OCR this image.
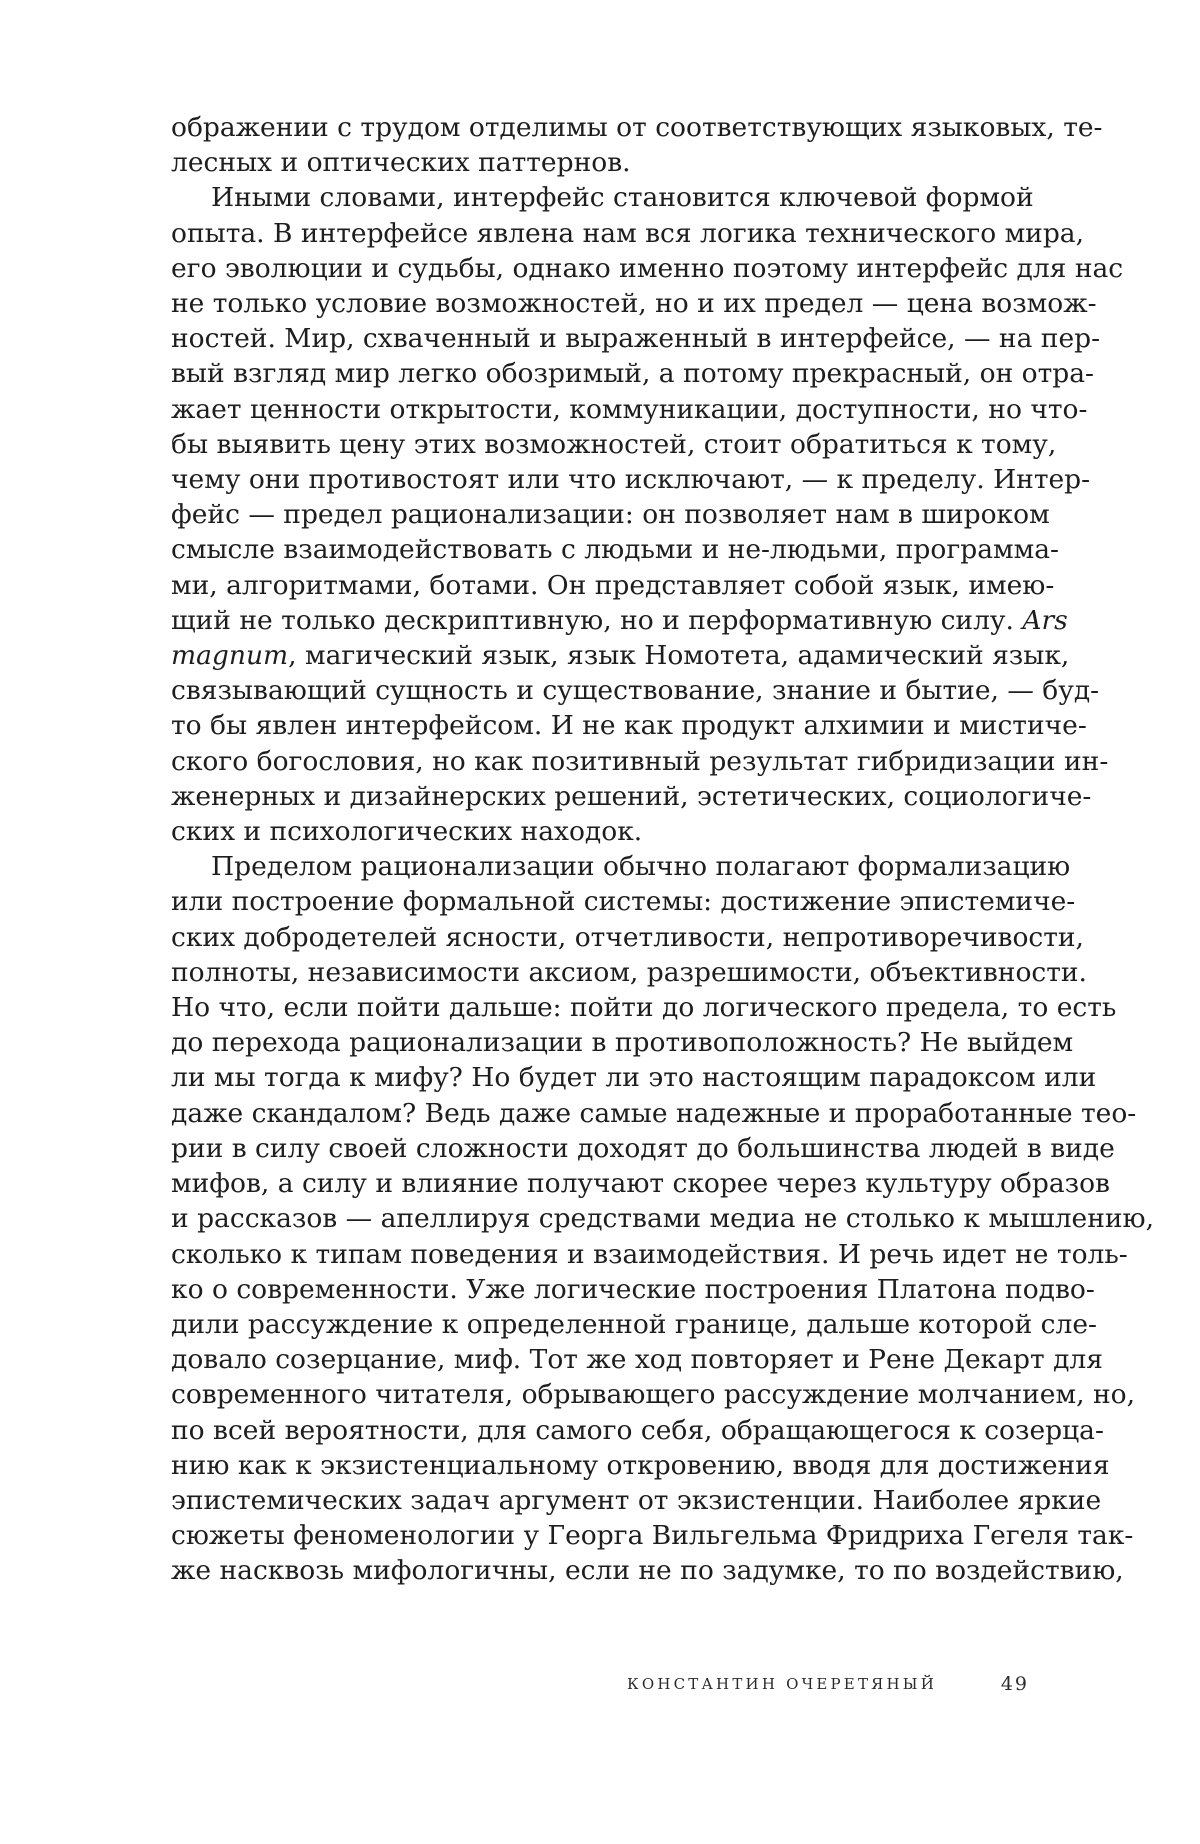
ображении с трудом отделимы от соответствующих языковых, те-
лесных и оптических паттернов.
Иными словами, интерфейс становится ключевой формой
опыта. В интерфейсе явлена нам вся логика технического мира,
его эволюции и судьбы, однако именно поэтому интерфейс для нас
не только условие возможностей, но и их предел — цена возмож-
ностей. Мир, схваченный и выраженный в интерфейсе, — на пер-
вый взгляд мир легко обозримый, а потому прекрасный, он отра-
жает ценности открытости, коммуникации, доступности, но что-
бы выявить цену этих возможностей, стоит обратиться к тому,
чему они противостоят или что исключают, — к пределу. Интер-
фейс — предел рационализации: он позволяет нам в широком
смысле взаимодействовать с людьми и не-людьми, программа-
ми, алгоритмами, ботами. Он представляет собой язык, имею-
щий не только дескриптивную, но и перформативную силу. Ars
magnum, магический язык, язык Номотета, адамический язык,
связывающий сущность и существование, знание и бытие, — буд-
то бы явлен интерфейсом. И не как продукт алхимии и мистиче-
ского богословия, но как позитивный результат гибридизации ин-
женерных и дизайнерских решений, эстетических, социологиче-
ских и психологических находок.
Пределом рационализации обычно полагают формализацию
или построение формальной системы: достижение эпистемиче-
ских добродетелей ясности, отчетливости, непротиворечивости,
полноты, независимости аксиом, разрешимости, объективности.
Но что, если пойти дальше: пойти до логического предела, то есть
до перехода рационализации в противоположность? Не выйдем
ли мы тогда к мифу? Но будет ли это настоящим парадоксом или
даже скандалом? Ведь даже самые надежные и проработанные тео-
рии в силу своей сложности доходят до большинства людей в виде
мифов, а силу и влияние получают скорее через культуру образов
и рассказов — апеллируя средствами медиа не столько к мышлению,
сколько к типам поведения и взаимодействия. И речь идет не толь-
ко о современности. Уже логические построения Платона подво-
дили рассуждение к определенной границе, дальше которой сле-
довало созерцание, миф. Тот же ход повторяет и Рене Декарт для
современного читателя, обрывающего рассуждение молчанием, но,
по всей вероятности, для самого себя, обращающегося к созерца-
нию как к экзистенциальному откровению, вводя для достижения
эпистемических задач аргумент от экзистенции. Наиболее яркие
сюжеты феноменологии у Георга Вильгельма Фридриха Гегеля так-
же насквозь мифологичны, если не по задумке, то по воздействию,
КОНСТАНТИН ОЧЕРЕТЯНЫЙ	49
